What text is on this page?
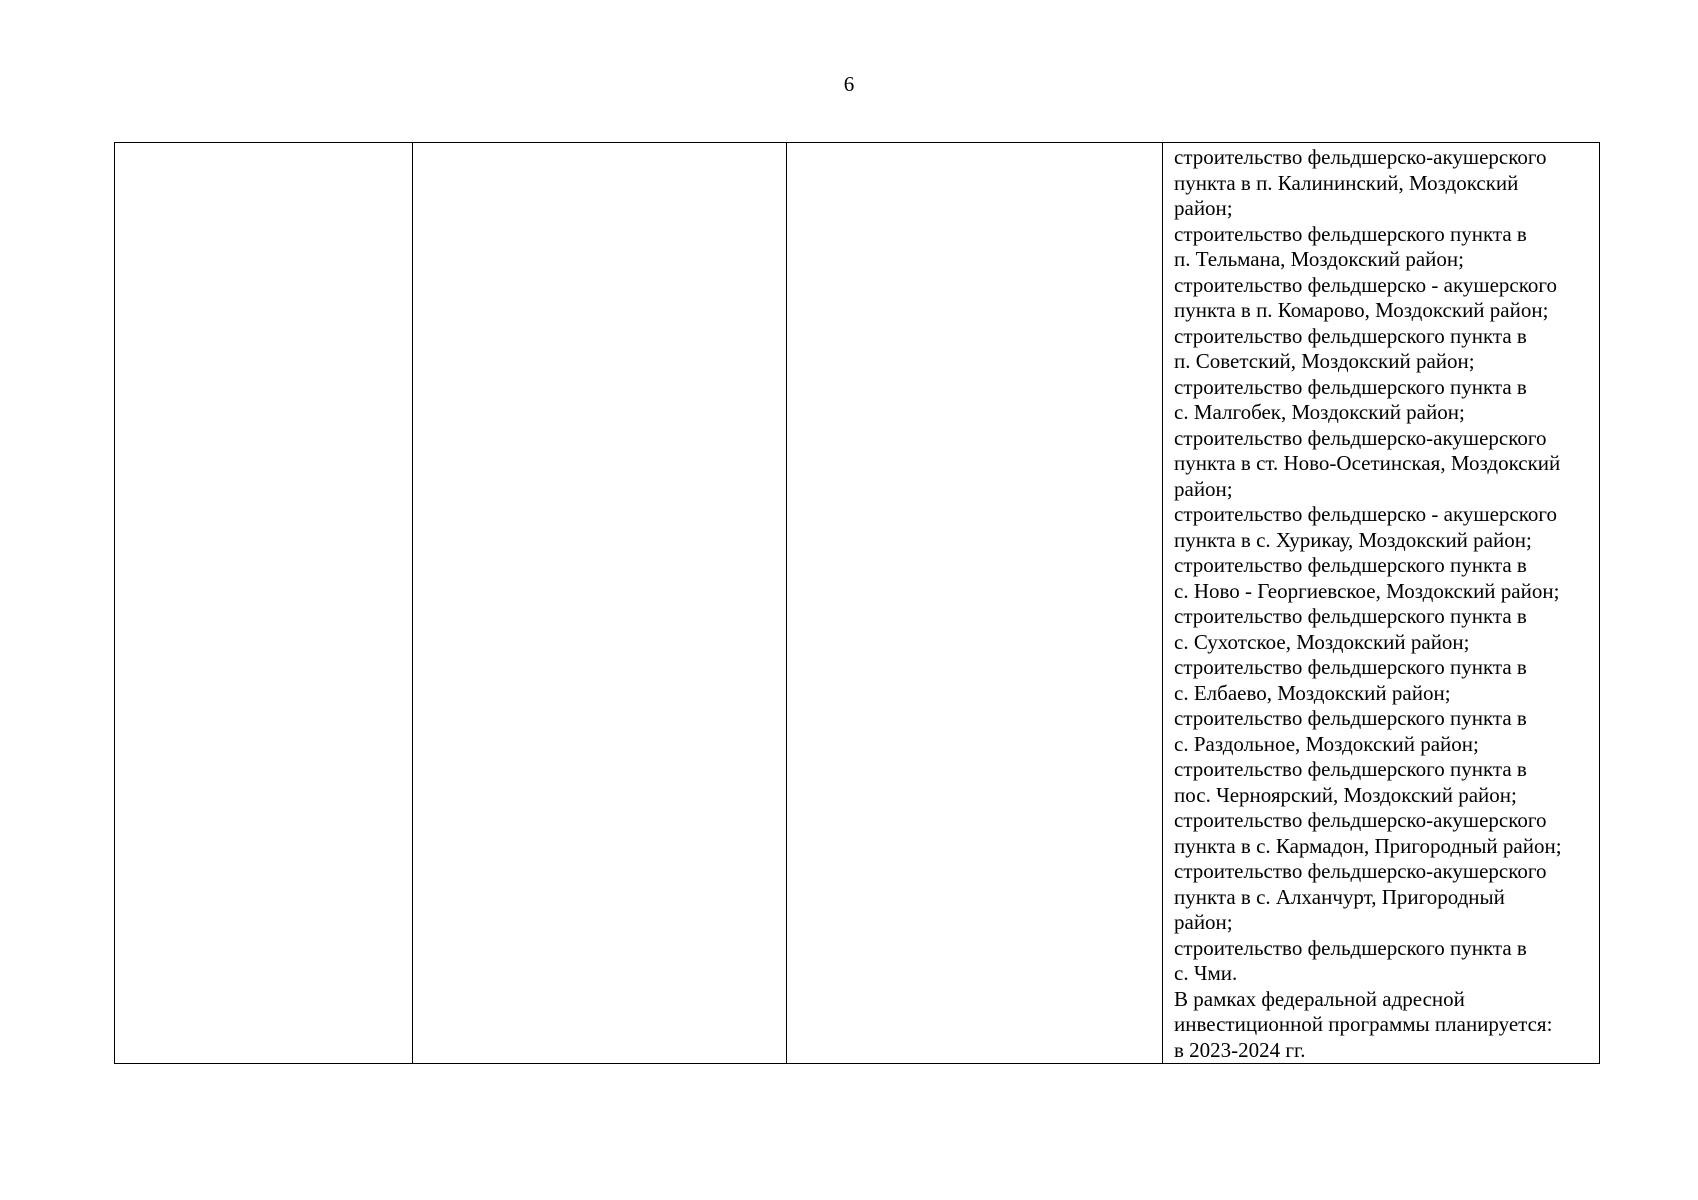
6

строительство фельдшерско-акушерского
пункта в п. Калининский, Моздокский
район;
строительство фельдшерского пункта в
п. Тельмана, Моздокский район;
строительство фельдшерско - акушерского
пункта в п. Комарово, Моздокский район;
строительство фельдшерского пункта в
п. Советский, Моздокский район;
строительство фельдшерского пункта в
с. Малгобек, Моздокский район;
строительство фельдшерско-акушерского
пункта в ст. Ново-Осетинская, Моздокский
район;
строительство фельдшерско - акушерского
пункта в с. Хурикау, Моздокский район;
строительство фельдшерского пункта в
с. Ново - Георгиевское, Моздокский район;
строительство фельдшерского пункта в
с. Сухотское, Моздокский район;
строительство фельдшерского пункта в
с. Елбаево, Моздокский район;
строительство фельдшерского пункта в
с. Раздольное, Моздокский район;
строительство фельдшерского пункта в
пос. Черноярский, Моздокский район;
строительство фельдшерско-акушерского
пункта в с. Кармадон, Пригородный район;
строительство фельдшерско-акушерского
пункта в с. Алханчурт, Пригородный
район;
строительство фельдшерского пункта в
с. Чми.
В рамках федеральной адресной
инвестиционной программы планируется:
в 2023-2024 гг.
